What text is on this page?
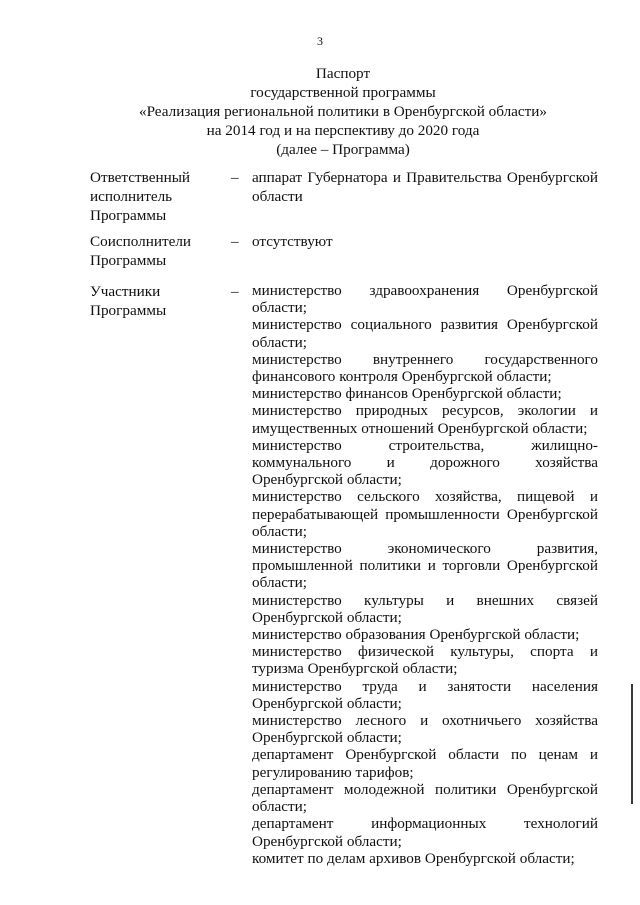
3
Паспорт
государственной программы
«Реализация региональной политики в Оренбургской области»
на 2014 год и на перспективу до 2020 года
(далее – Программа)
Ответственный исполнитель Программы
– аппарат Губернатора и Правительства Оренбургской области
Соисполнители Программы
– отсутствуют
Участники Программы
– министерство здравоохранения Оренбургской области;
министерство социального развития Оренбургской области;
министерство внутреннего государственного финансового контроля Оренбургской области;
министерство финансов Оренбургской области;
министерство природных ресурсов, экологии и имущественных отношений Оренбургской области;
министерство строительства, жилищно-коммунального и дорожного хозяйства Оренбургской области;
министерство сельского хозяйства, пищевой и перерабатывающей промышленности Оренбургской области;
министерство экономического развития, промышленной политики и торговли Оренбургской области;
министерство культуры и внешних связей Оренбургской области;
министерство образования Оренбургской области;
министерство физической культуры, спорта и туризма Оренбургской области;
министерство труда и занятости населения Оренбургской области;
министерство лесного и охотничьего хозяйства Оренбургской области;
департамент Оренбургской области по ценам и регулированию тарифов;
департамент молодежной политики Оренбургской области;
департамент информационных технологий Оренбургской области;
комитет по делам архивов Оренбургской области;
